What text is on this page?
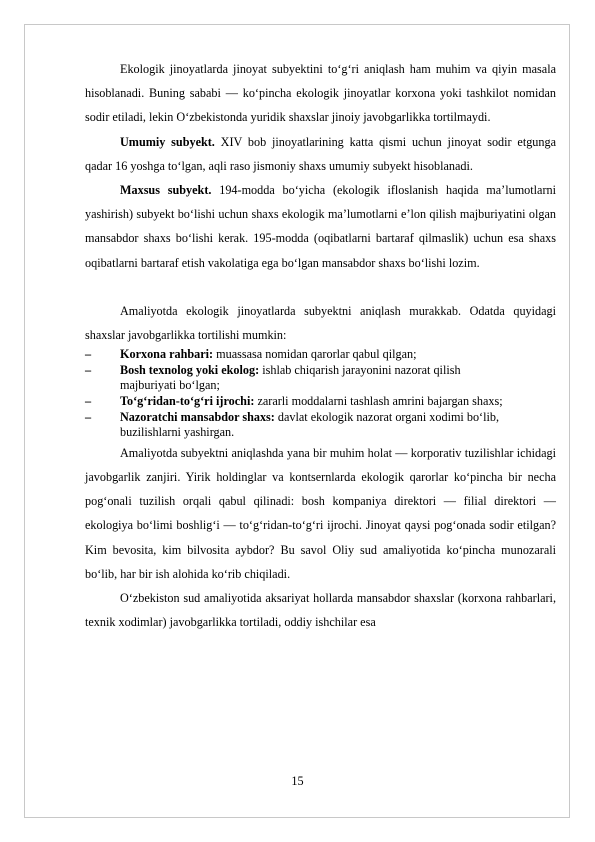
Ekologik jinoyatlarda jinoyat subyektini to‘g‘ri aniqlash ham muhim va qiyin masala hisoblanadi. Buning sababi — ko‘pincha ekologik jinoyatlar korxona yoki tashkilot nomidan sodir etiladi, lekin O‘zbekistonda yuridik shaxslar jinoiy javobgarlikka tortilmaydi.

Umumiy subyekt. XIV bob jinoyatlarining katta qismi uchun jinoyat sodir etgunga qadar 16 yoshga to‘lgan, aqli raso jismoniy shaxs umumiy subyekt hisoblanadi.

Maxsus subyekt. 194-modda bo‘yicha (ekologik ifloslanish haqida ma’lumotlarni yashirish) subyekt bo‘lishi uchun shaxs ekologik ma’lumotlarni e’lon qilish majburiyatini olgan mansabdor shaxs bo‘lishi kerak. 195-modda (oqibatlarni bartaraf qilmaslik) uchun esa shaxs oqibatlarni bartaraf etish vakolatiga ega bo‘lgan mansabdor shaxs bo‘lishi lozim.

Amaliyotda ekologik jinoyatlarda subyektni aniqlash murakkab. Odatda quyidagi shaxslar javobgarlikka tortilishi mumkin:

– Korxona rahbari: muassasa nomidan qarorlar qabul qilgan;
– Bosh texnolog yoki ekolog: ishlab chiqarish jarayonini nazorat qilish majburiyati bo‘lgan;
– To‘g‘ridan-to‘g‘ri ijrochi: zararli moddalarni tashlash amrini bajargan shaxs;
– Nazoratchi mansabdor shaxs: davlat ekologik nazorat organi xodimi bo‘lib, buzilishlarni yashirgan.

Amaliyotda subyektni aniqlashda yana bir muhim holat — korporativ tuzilishlar ichidagi javobgarlik zanjiri. Yirik holdinglar va kontsernlarda ekologik qarorlar ko‘pincha bir necha pog‘onali tuzilish orqali qabul qilinadi: bosh kompaniya direktori — filial direktori — ekologiya bo‘limi boshlig‘i — to‘g‘ridan-to‘g‘ri ijrochi. Jinoyat qaysi pog‘onada sodir etilgan? Kim bevosita, kim bilvosita aybdor? Bu savol Oliy sud amaliyotida ko‘pincha munozarali bo‘lib, har bir ish alohida ko‘rib chiqiladi.

O‘zbekiston sud amaliyotida aksariyat hollarda mansabdor shaxslar (korxona rahbarlari, texnik xodimlar) javobgarlikka tortiladi, oddiy ishchilar esa

15
